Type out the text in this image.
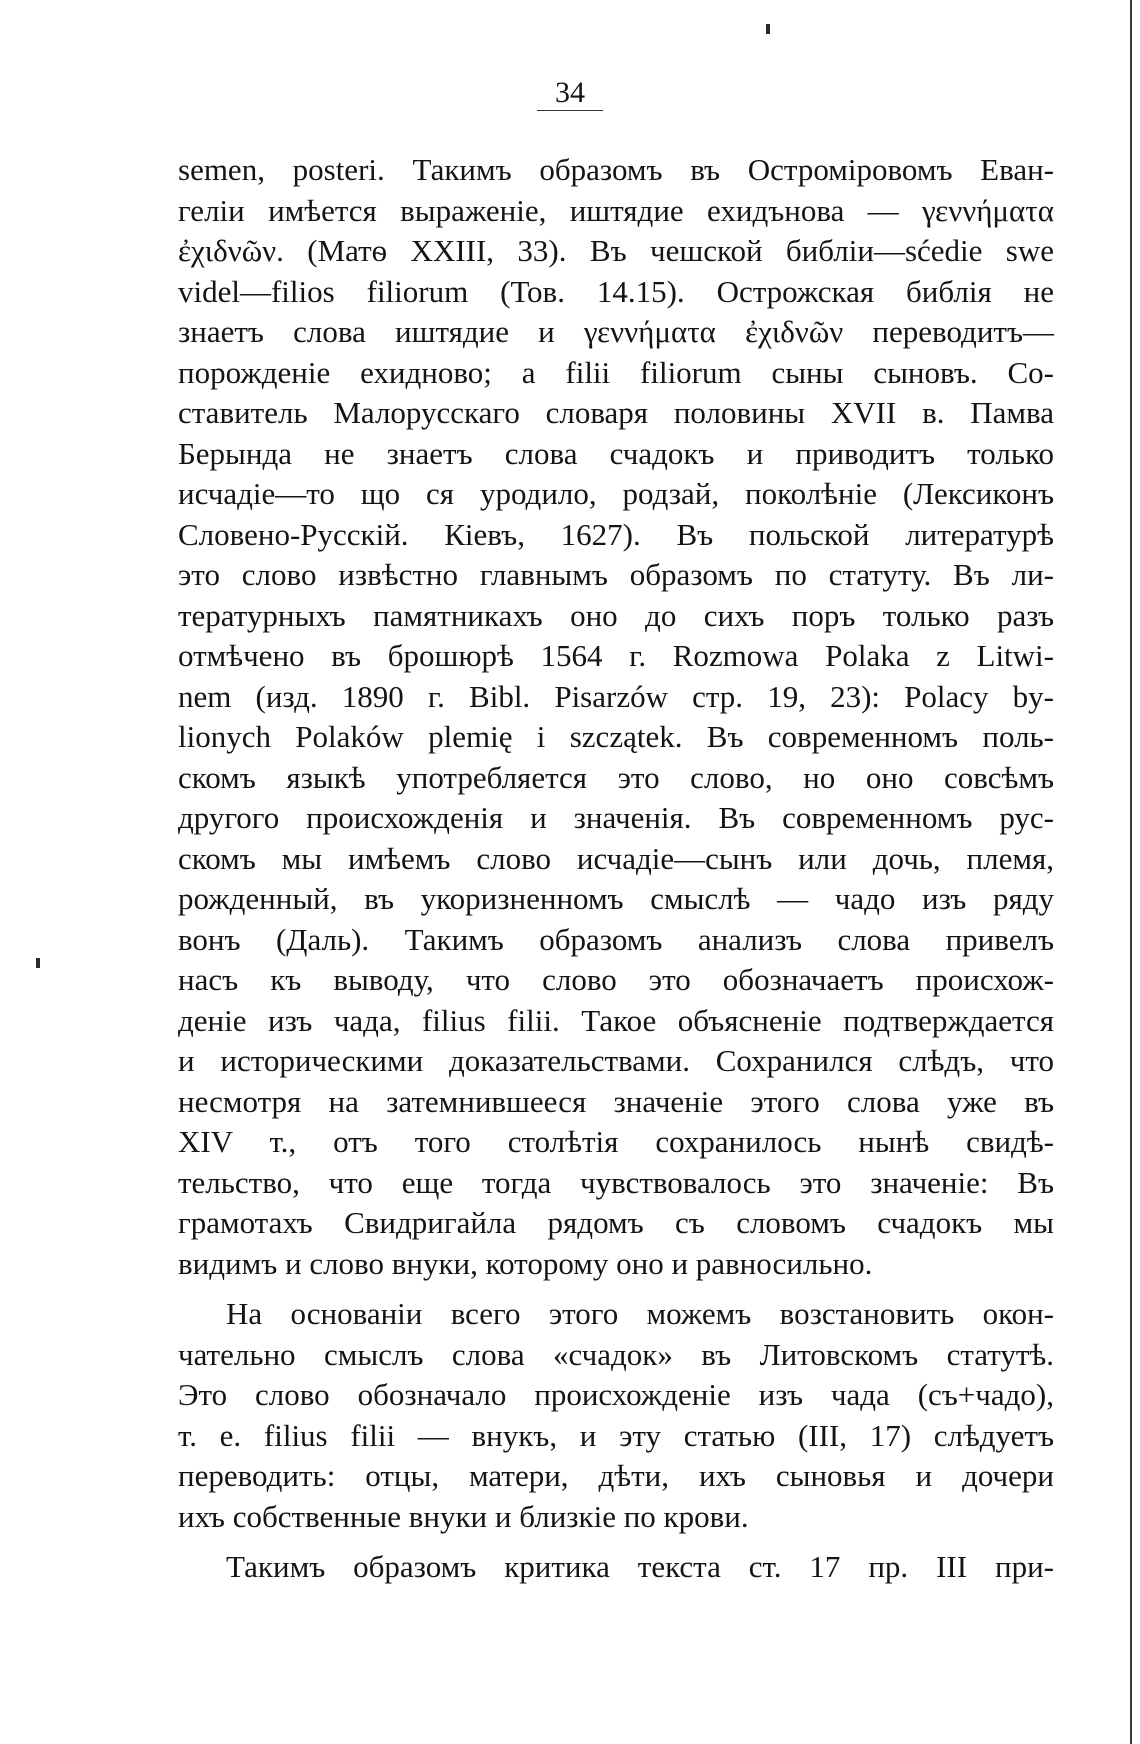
34

semen, posteri. Такимъ образомъ въ Остроміровомъ Еван-
геліи имѣется выраженіе, иштядие ехидънова — γεννήματα
ἐχιδνῶν. (Матѳ XXIII, 33). Въ чешской библіи—sćedie swe
videl—filios filiorum (Тов. 14.15). Острожская библія не
знаетъ слова иштядие и γεννήματα ἐχιδνῶν переводитъ—
порожденіе ехидново; а filii filiorum сыны сыновъ. Со-
ставитель Малорусскаго словаря половины XVII в. Памва
Берында не знаетъ слова счадокъ и приводитъ только
исчадіе—то що ся уродило, родзай, поколѣніе (Лексиконъ
Словено-Русскій. Кіевъ, 1627). Въ польской литературѣ
это слово извѣстно главнымъ образомъ по статуту. Въ ли-
тературныхъ памятникахъ оно до сихъ поръ только разъ
отмѣчено въ брошюрѣ 1564 г. Rozmowa Polaka z Litwi-
nem (изд. 1890 г. Bibl. Pisarzów стр. 19, 23): Polacy by-
lionych Polaków plemię i szczątek. Въ современномъ поль-
скомъ языкѣ употребляется это слово, но оно совсѣмъ
другого происхожденія и значенія. Въ современномъ рус-
скомъ мы имѣемъ слово исчадіе—сынъ или дочь, племя,
рожденный, въ укоризненномъ смыслѣ — чадо изъ ряду
вонъ (Даль). Такимъ образомъ анализъ слова привелъ
насъ къ выводу, что слово это обозначаетъ происхож-
деніе изъ чада, filius filii. Такое объясненіе подтверждается
и историческими доказательствами. Сохранился слѣдъ, что
несмотря на затемнившееся значеніе этого слова уже въ
XIV т., отъ того столѣтія сохранилось нынѣ свидѣ-
тельство, что еще тогда чувствовалось это значеніе: Въ
грамотахъ Свидригайла рядомъ съ словомъ счадокъ мы
видимъ и слово внуки, которому оно и равносильно.

На основаніи всего этого можемъ возстановить окон-
чательно смыслъ слова «счадок» въ Литовскомъ статутѣ.
Это слово обозначало происхожденіе изъ чада (съ+чадо),
т. е. filius filii — внукъ, и эту статью (III, 17) слѣдуетъ
переводить: отцы, матери, дѣти, ихъ сыновья и дочери
ихъ собственные внуки и близкіе по крови.

Такимъ образомъ критика текста ст. 17 пр. III при-
